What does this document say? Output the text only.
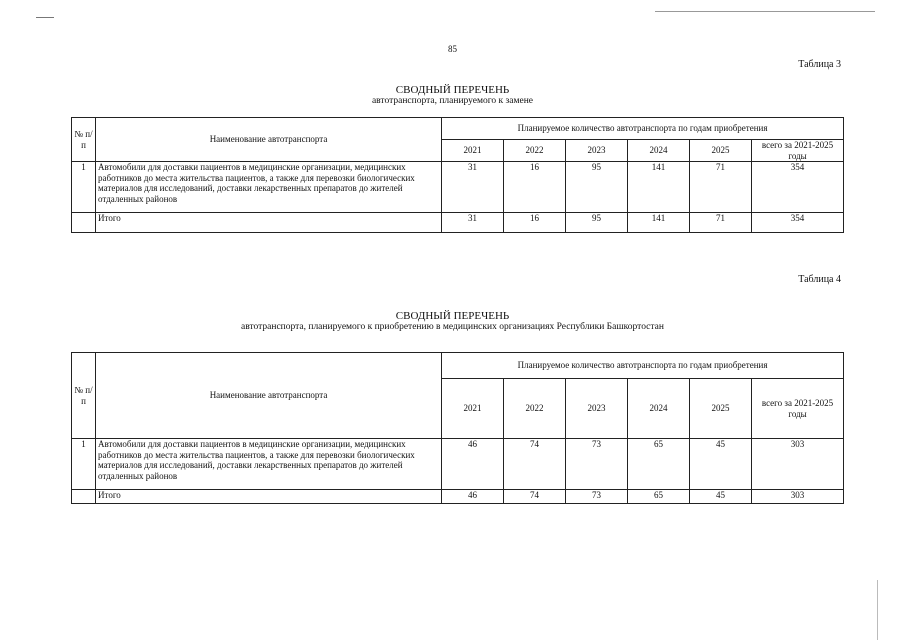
85
Таблица 3
СВОДНЫЙ ПЕРЕЧЕНЬ
автотранспорта, планируемого к замене
№ п/п	Наименование автотранспорта	Планируемое количество автотранспорта по годам приобретения					
		2021	2022	2023	2024	2025	всего за 2021-2025 годы
1	Автомобили для доставки пациентов в медицинские организации, медицинских работников до места жительства пациентов, а также для перевозки биологических материалов для исследований, доставки лекарственных препаратов до жителей отдаленных районов	31	16	95	141	71	354
	Итого	31	16	95	141	71	354
Таблица 4
СВОДНЫЙ ПЕРЕЧЕНЬ
автотранспорта, планируемого к приобретению в медицинских организациях Республики Башкортостан
№ п/п	Наименование автотранспорта	Планируемое количество автотранспорта по годам приобретения					
		2021	2022	2023	2024	2025	всего за 2021-2025 годы
1	Автомобили для доставки пациентов в медицинские организации, медицинских работников до места жительства пациентов, а также для перевозки биологических материалов для исследований, доставки лекарственных препаратов до жителей отдаленных районов	46	74	73	65	45	303
	Итого	46	74	73	65	45	303
